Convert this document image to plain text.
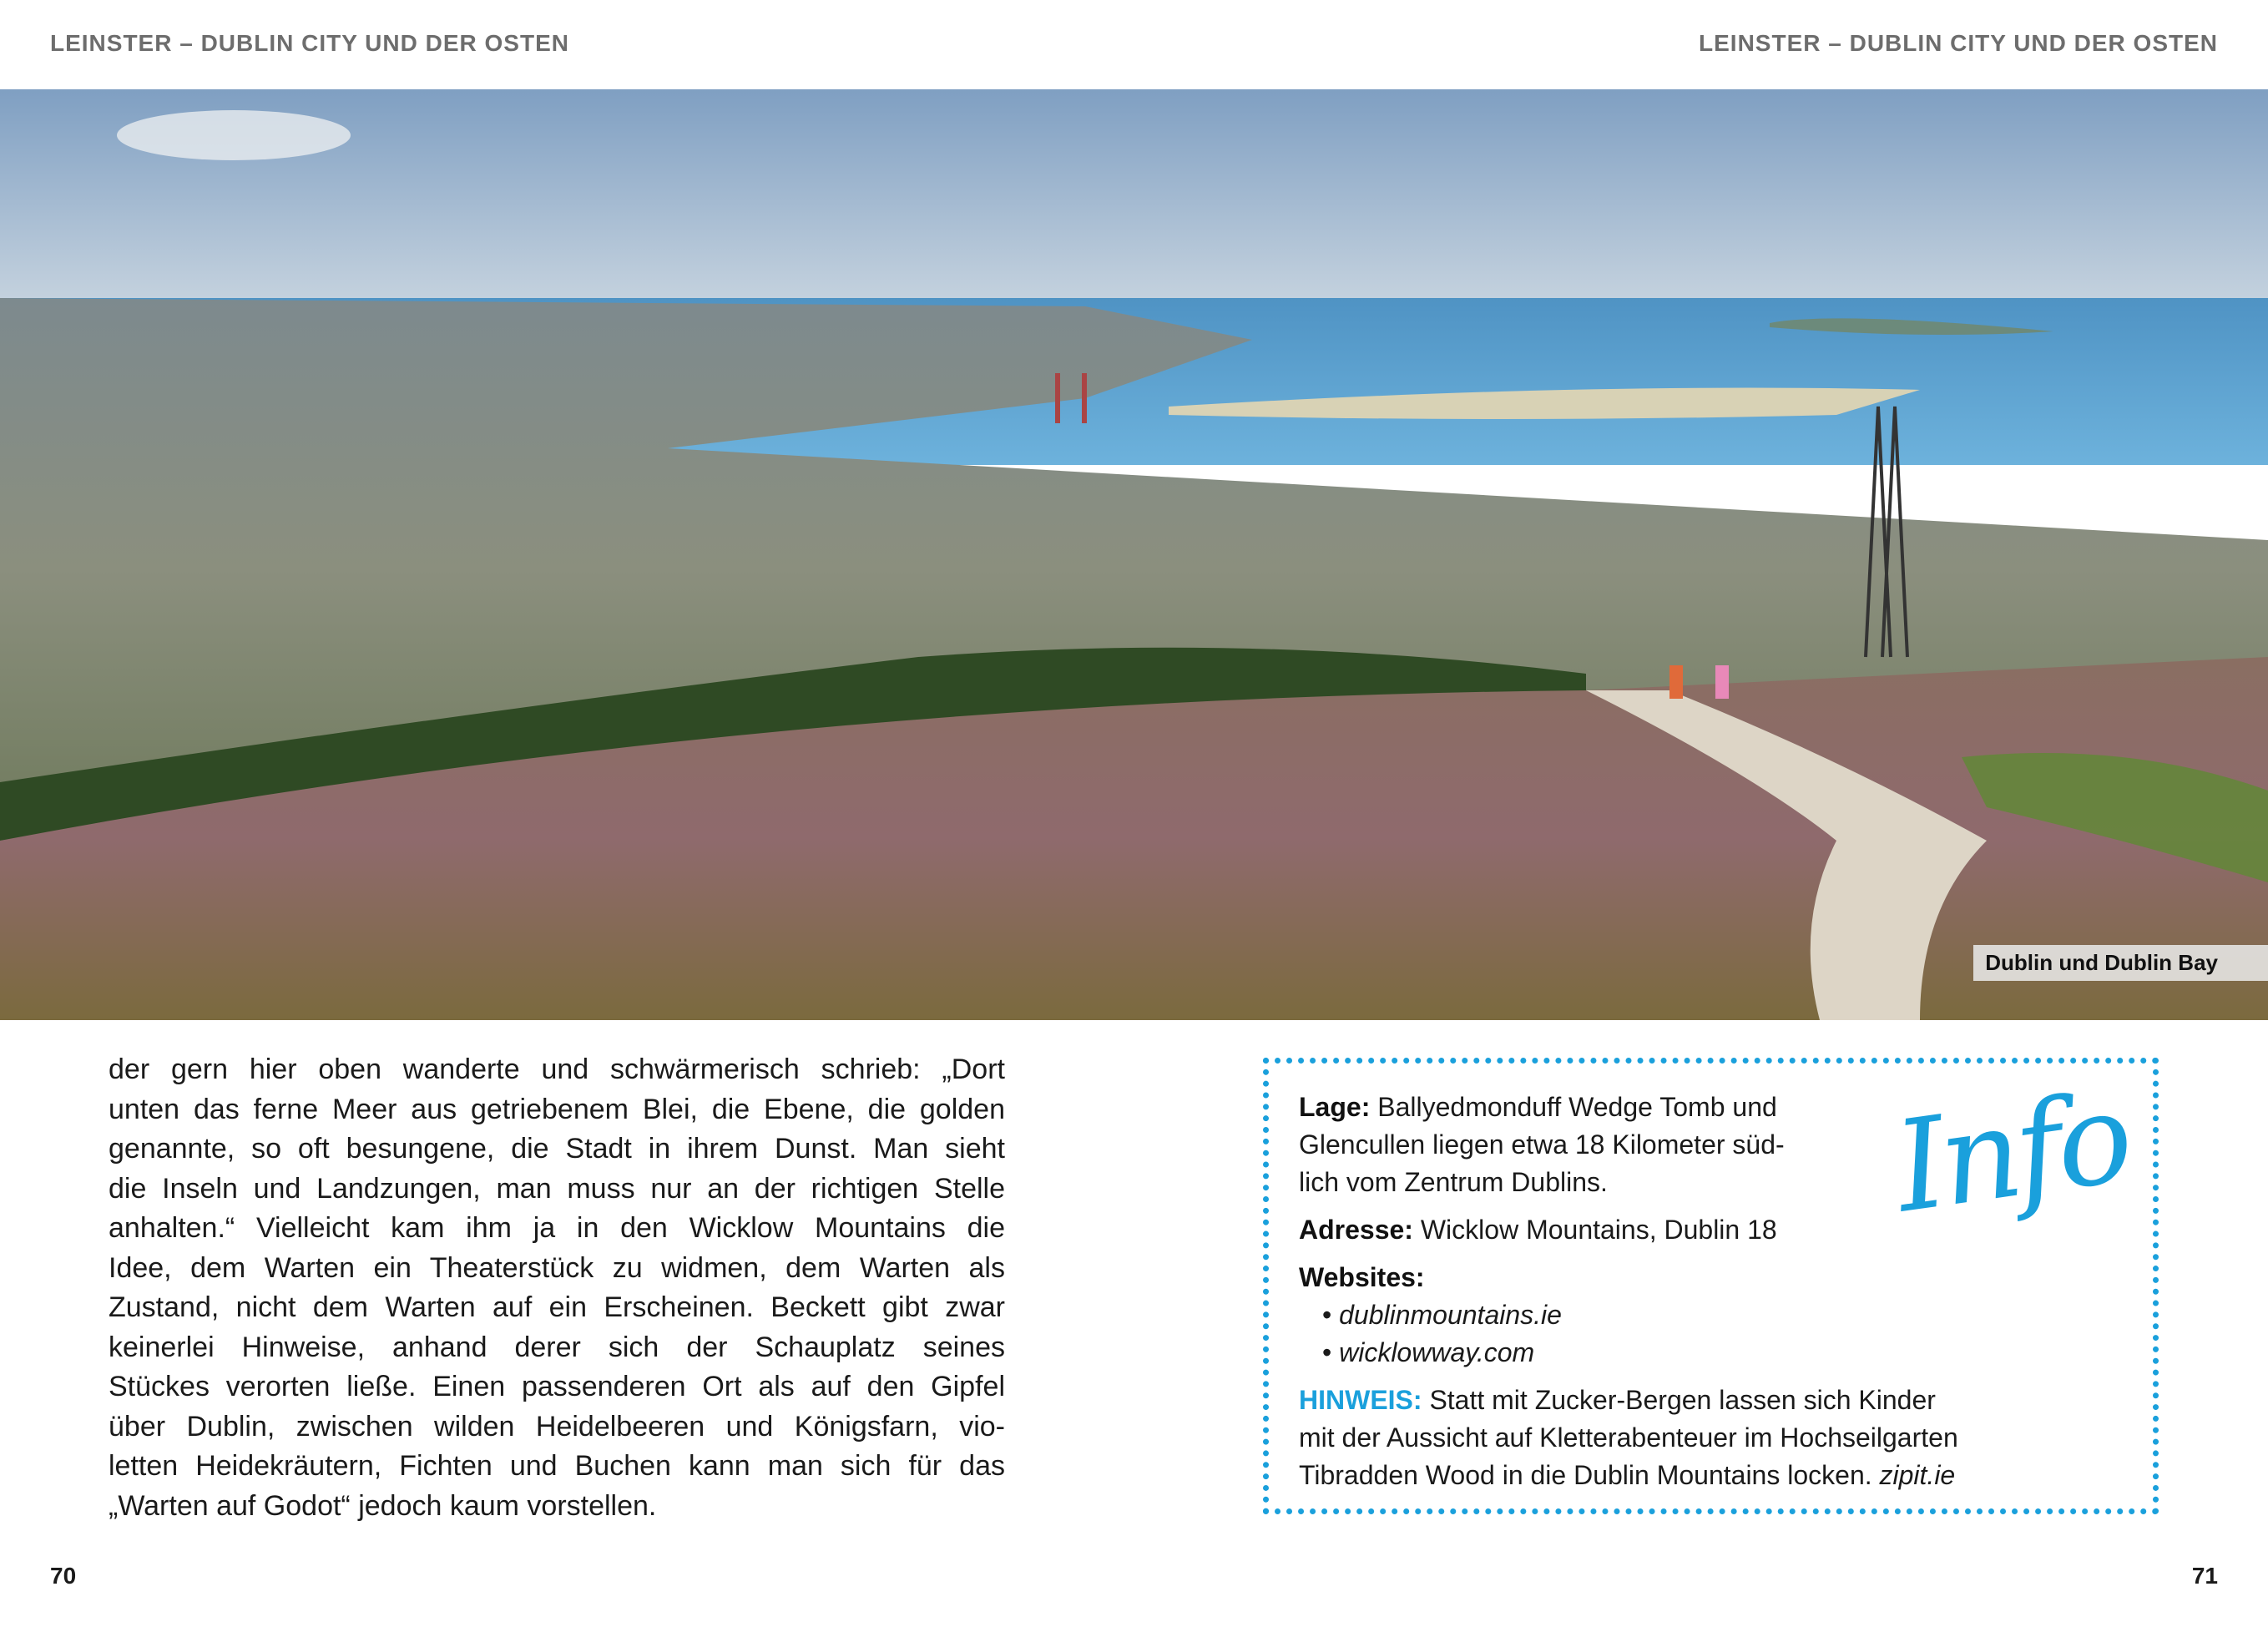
LEINSTER – DUBLIN CITY UND DER OSTEN	LEINSTER – DUBLIN CITY UND DER OSTEN
Dublin und Dublin Bay
der gern hier oben wanderte und schwärmerisch schrieb: „Dort
unten das ferne Meer aus getriebenem Blei, die Ebene, die golden
genannte, so oft besungene, die Stadt in ihrem Dunst. Man sieht
die Inseln und Landzungen, man muss nur an der richtigen Stelle
anhalten.“ Vielleicht kam ihm ja in den Wicklow Mountains die
Idee, dem Warten ein Theaterstück zu widmen, dem Warten als
Zustand, nicht dem Warten auf ein Erscheinen. Beckett gibt zwar
keinerlei Hinweise, anhand derer sich der Schauplatz seines
Stückes verorten ließe. Einen passenderen Ort als auf den Gipfel
über Dublin, zwischen wilden Heidelbeeren und Königsfarn, vio-
letten Heidekräutern, Fichten und Buchen kann man sich für das
„Warten auf Godot“ jedoch kaum vorstellen.
Info
Lage: Ballyedmonduff Wedge Tomb und
Glencullen liegen etwa 18 Kilometer süd-
lich vom Zentrum Dublins.
Adresse: Wicklow Mountains, Dublin 18
Websites:
• dublinmountains.ie
• wicklowway.com
HINWEIS: Statt mit Zucker-Bergen lassen sich Kinder
mit der Aussicht auf Kletterabenteuer im Hochseilgarten
Tibradden Wood in die Dublin Mountains locken. zipit.ie
70	71
